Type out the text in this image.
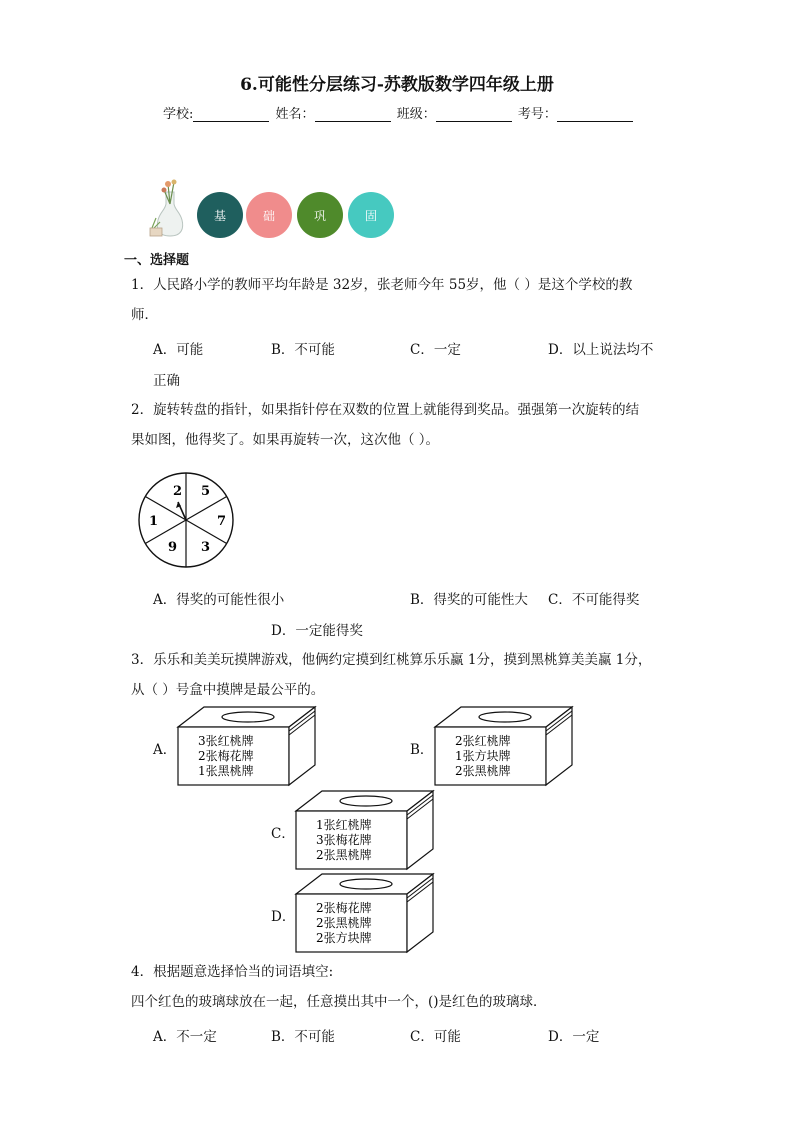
6.可能性分层练习-苏教版数学四年级上册
学校:	姓名：	班级：	考号：
基	础	巩	固
一、选择题
1．人民路小学的教师平均年龄是 32岁，张老师今年 55岁，他（ ）是这个学校的教
师．
A．可能	B．不可能	C．一定	D．以上说法均不
正确
2．旋转转盘的指针，如果指针停在双数的位置上就能得到奖品。强强第一次旋转的结
果如图，他得奖了。如果再旋转一次，这次他（ ）。
2 5
7
3
9
1
A．得奖的可能性很小	B．得奖的可能性大 C．不可能得奖
D．一定能得奖
3．乐乐和美美玩摸牌游戏，他俩约定摸到红桃算乐乐赢 1分，摸到黑桃算美美赢 1分，
从（ ）号盒中摸牌是最公平的。
A．
3张红桃牌
2张梅花牌
1张黑桃牌
B．
2张红桃牌
1张方块牌
2张黑桃牌
C．
1张红桃牌
3张梅花牌
2张黑桃牌
D．
2张梅花牌
2张黑桃牌
2张方块牌
4．根据题意选择恰当的词语填空:
四个红色的玻璃球放在一起，任意摸出其中一个，()是红色的玻璃球．
A．不一定	B．不可能	C．可能	D．一定
